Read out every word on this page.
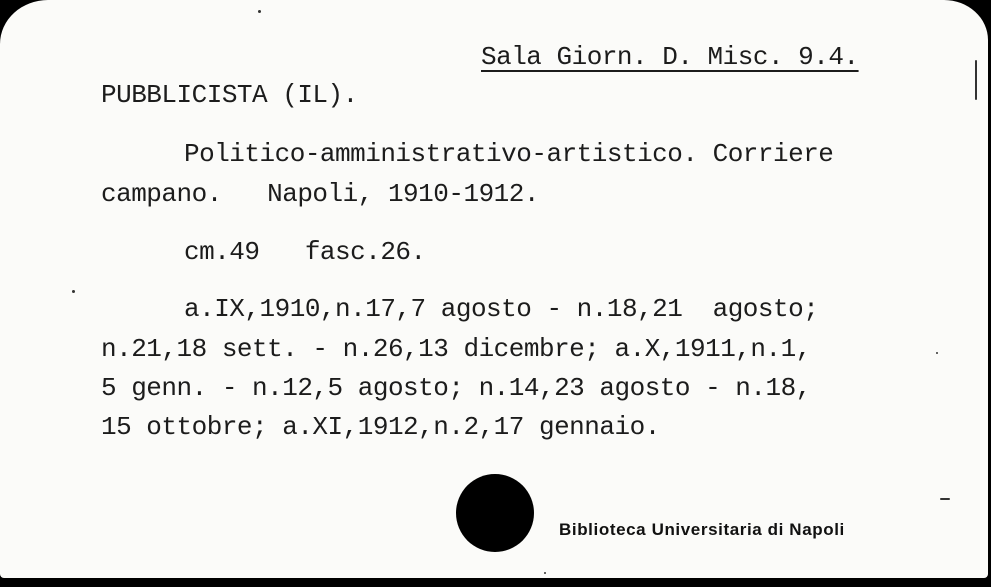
Sala Giorn. D. Misc. 9.4.
PUBBLICISTA (IL).
Politico-amministrativo-artistico. Corriere
campano.   Napoli, 1910-1912.
cm.49   fasc.26.
a.IX,1910,n.17,7 agosto - n.18,21  agosto;
n.21,18 sett. - n.26,13 dicembre; a.X,1911,n.1,
5 genn. - n.12,5 agosto; n.14,23 agosto - n.18,
15 ottobre; a.XI,1912,n.2,17 gennaio.
Biblioteca Universitaria di Napoli
